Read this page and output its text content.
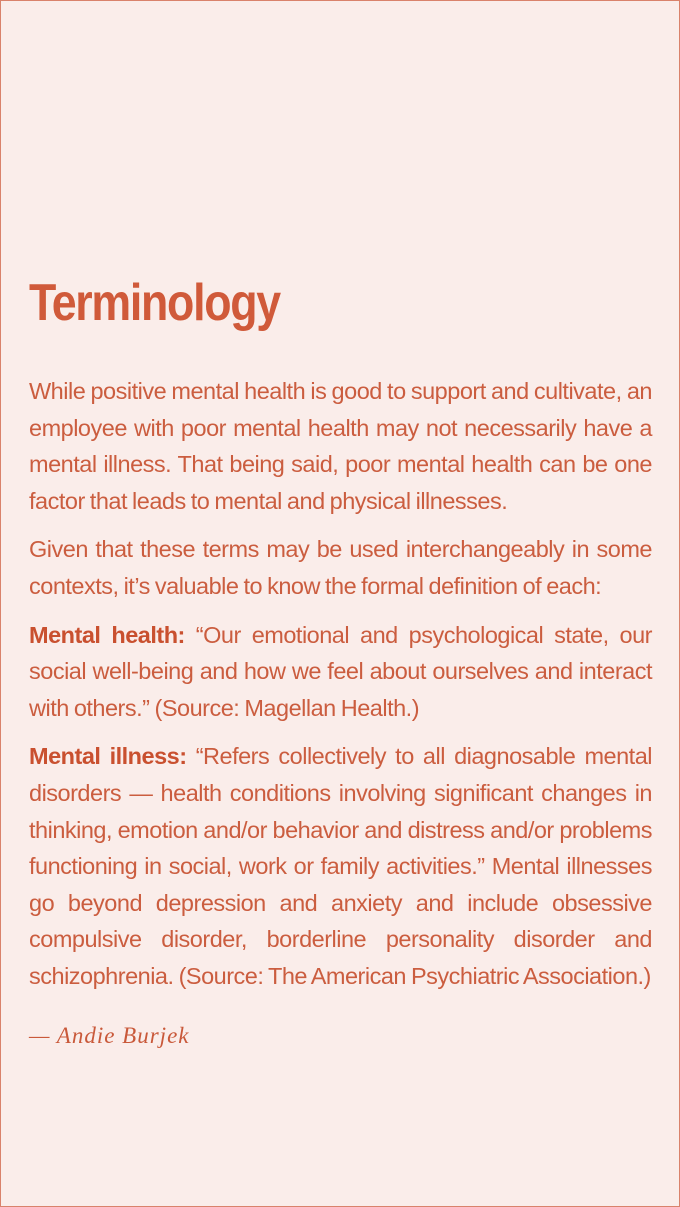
Terminology

While positive mental health is good to support and cultivate, an employee with poor mental health may not necessarily have a mental illness. That being said, poor mental health can be one factor that leads to mental and physical illnesses.

Given that these terms may be used interchangeably in some contexts, it’s valuable to know the formal definition of each:

Mental health: “Our emotional and psychological state, our social well-being and how we feel about ourselves and interact with others.” (Source: Magellan Health.)

Mental illness: “Refers collectively to all diagnosable mental disorders — health conditions involving significant changes in thinking, emotion and/or behavior and distress and/or problems functioning in social, work or family activities.” Mental illnesses go beyond depression and anxiety and include obsessive compulsive disorder, borderline personality disorder and schizophrenia. (Source: The American Psychiatric Association.)

— Andie Burjek
